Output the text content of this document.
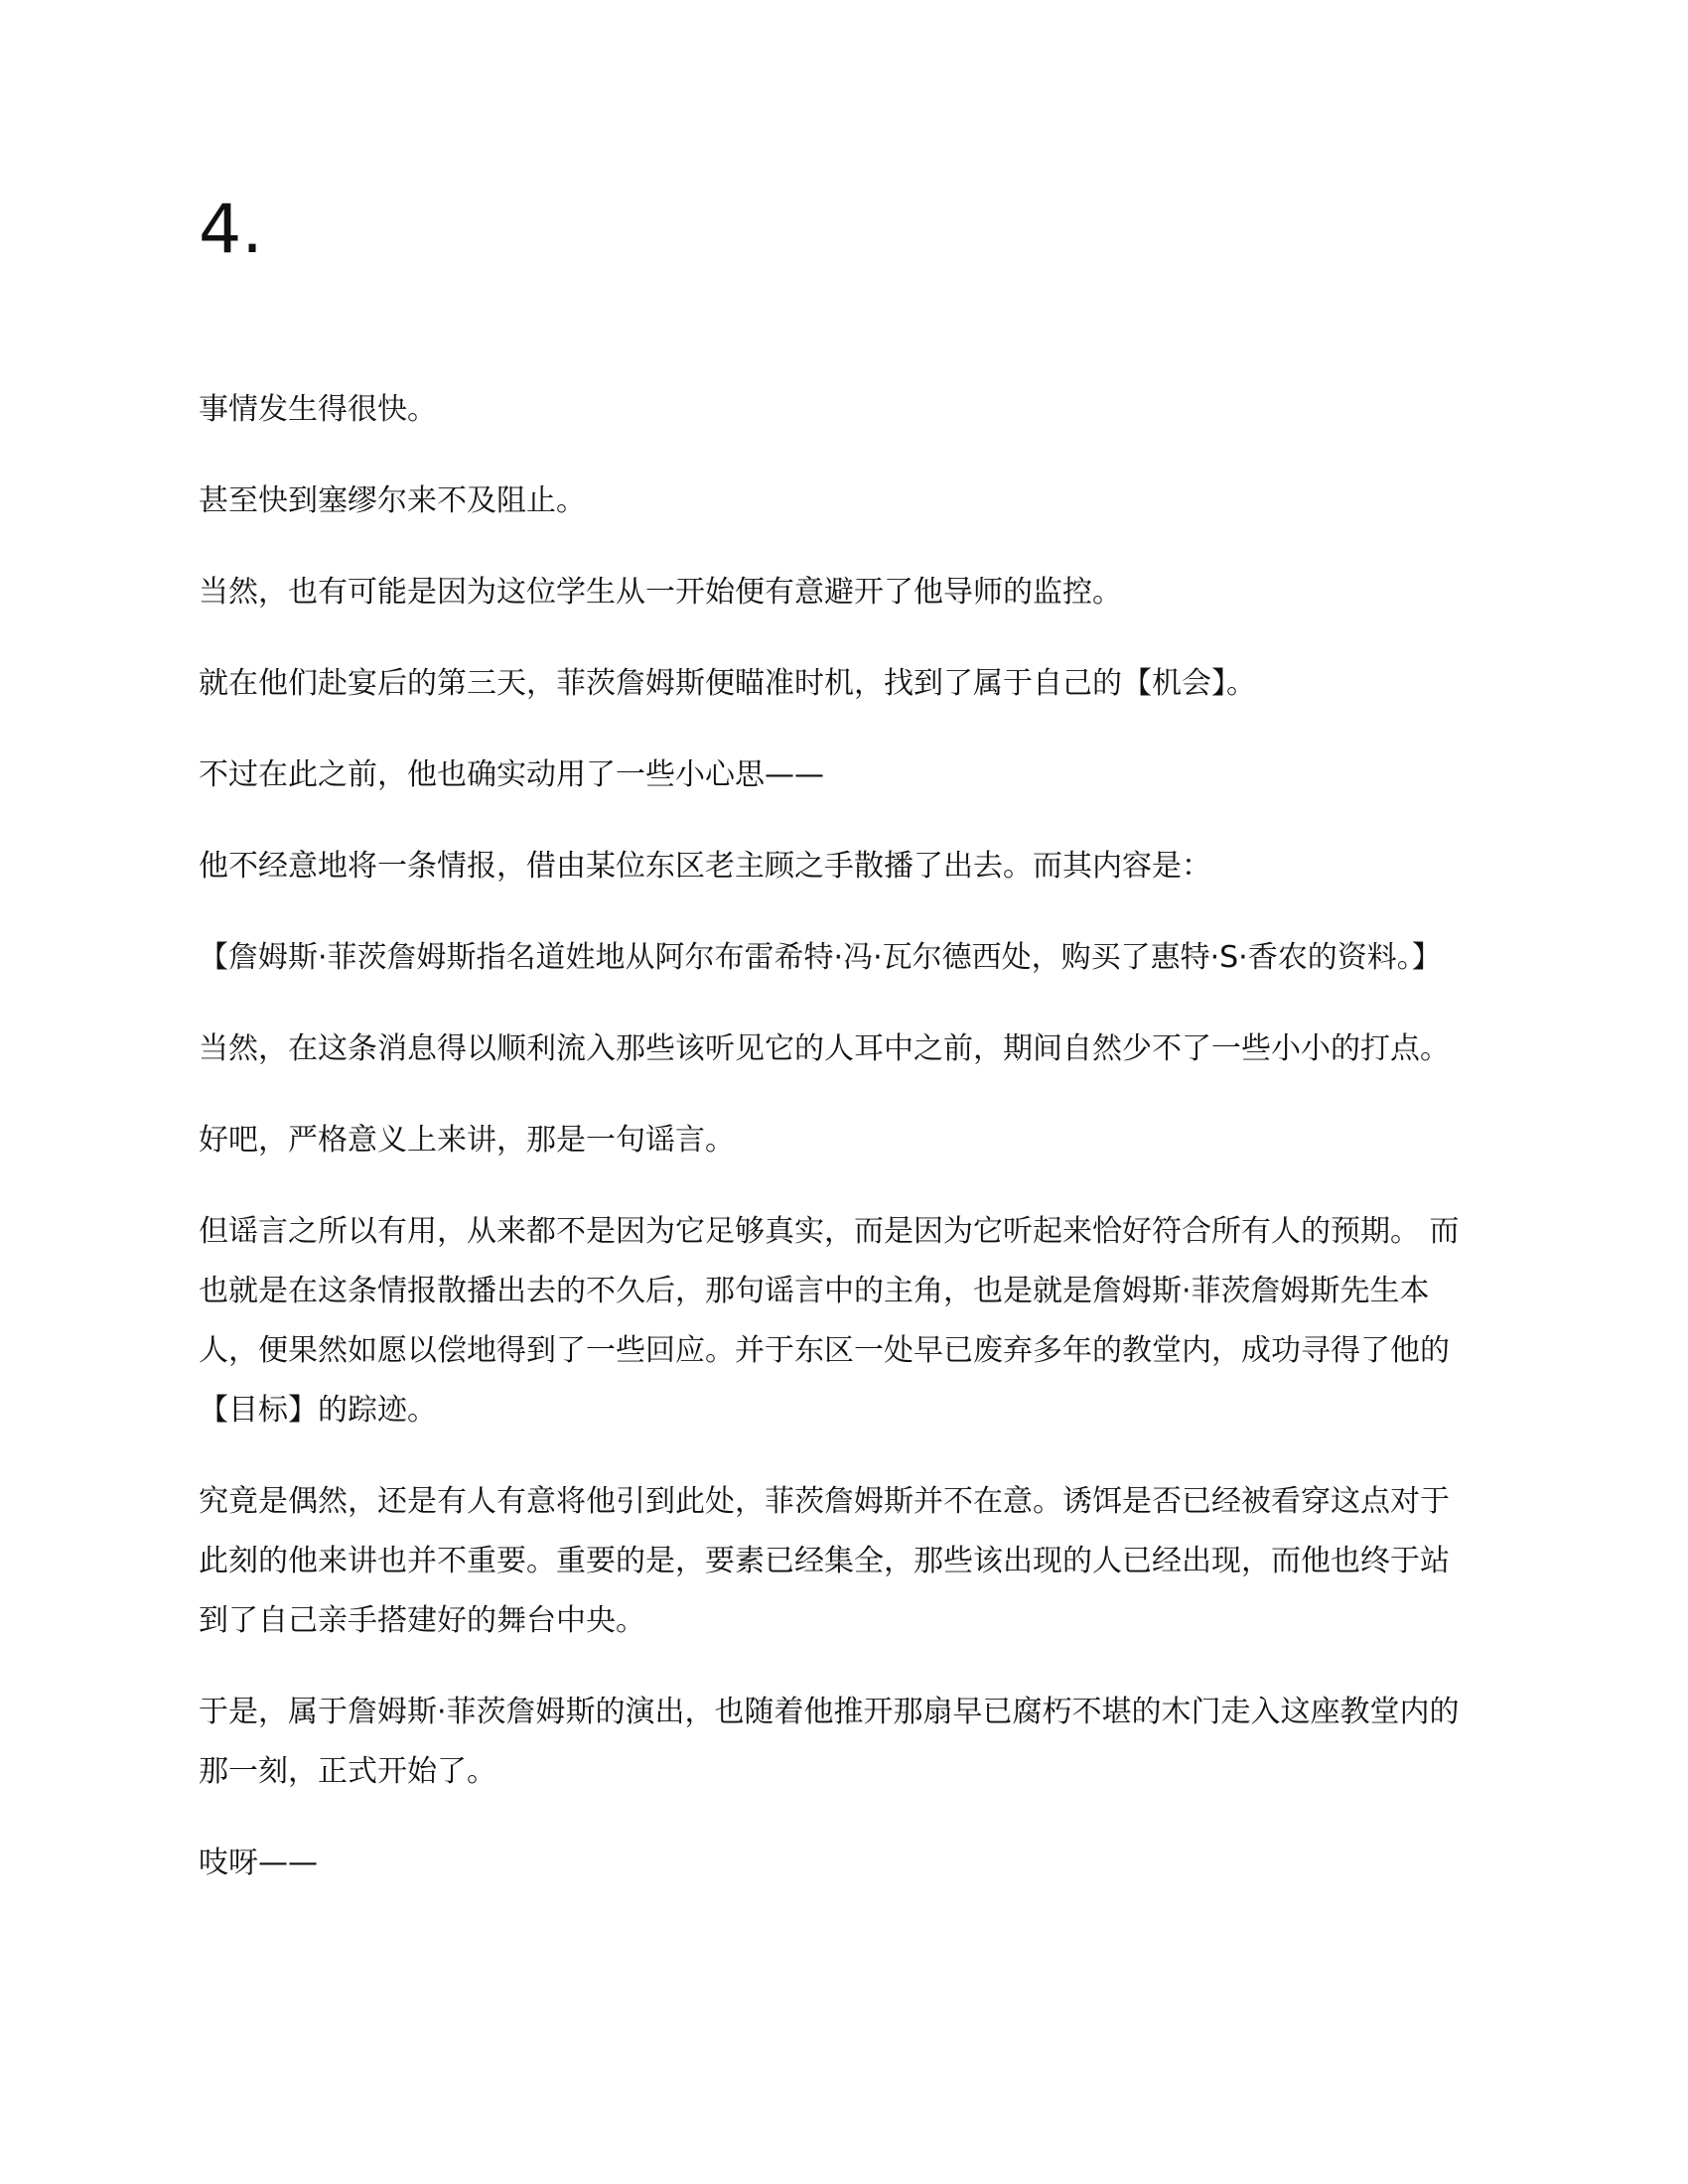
4.

事情发生得很快。

甚至快到塞缪尔来不及阻止。

当然，也有可能是因为这位学生从一开始便有意避开了他导师的监控。

就在他们赴宴后的第三天，菲茨詹姆斯便瞄准时机，找到了属于自己的【机会】。

不过在此之前，他也确实动用了一些小心思——

他不经意地将一条情报，借由某位东区老主顾之手散播了出去。而其内容是：

【詹姆斯·菲茨詹姆斯指名道姓地从阿尔布雷希特·冯·瓦尔德西处，购买了惠特·S·香农的资料。】

当然，在这条消息得以顺利流入那些该听见它的人耳中之前，期间自然少不了一些小小的打点。

好吧，严格意义上来讲，那是一句谣言。

但谣言之所以有用，从来都不是因为它足够真实，而是因为它听起来恰好符合所有人的预期。 而
也就是在这条情报散播出去的不久后，那句谣言中的主角，也是就是詹姆斯·菲茨詹姆斯先生本
人，便果然如愿以偿地得到了一些回应。并于东区一处早已废弃多年的教堂内，成功寻得了他的
【目标】的踪迹。

究竟是偶然，还是有人有意将他引到此处，菲茨詹姆斯并不在意。诱饵是否已经被看穿这点对于
此刻的他来讲也并不重要。重要的是，要素已经集全，那些该出现的人已经出现，而他也终于站
到了自己亲手搭建好的舞台中央。

于是，属于詹姆斯·菲茨詹姆斯的演出，也随着他推开那扇早已腐朽不堪的木门走入这座教堂内的
那一刻，正式开始了。

吱呀——
